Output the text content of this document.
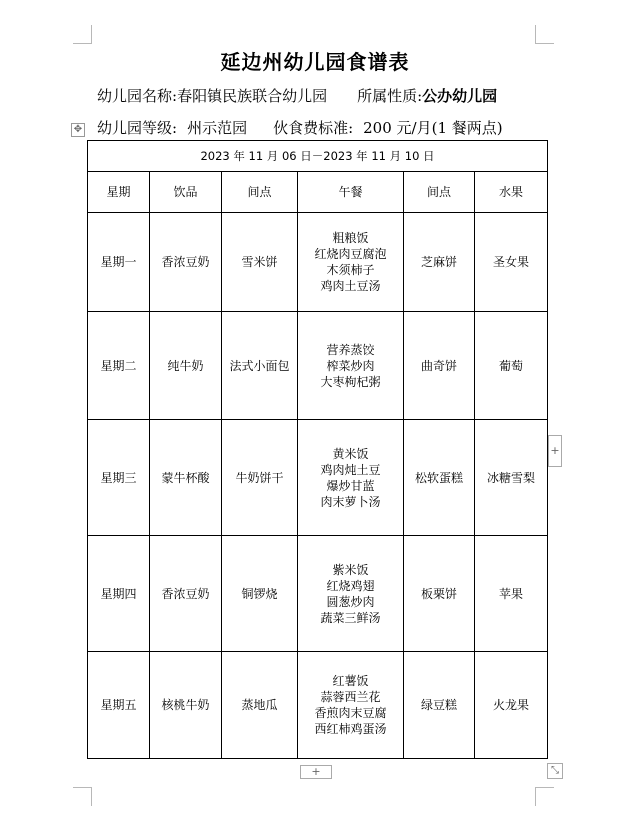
延边州幼儿园食谱表
幼儿园名称:春阳镇民族联合幼儿园 所属性质:公办幼儿园
幼儿园等级: 州示范园 伙食费标准: 200 元/月(1 餐两点)
✥
2023 年 11 月 06 日－2023 年 11 月 10 日					
星期	饮品	间点	午餐	间点	水果
星期一	香浓豆奶	雪米饼	粗粮饭
红烧肉豆腐泡
木须柿子
鸡肉土豆汤	芝麻饼	圣女果
星期二	纯牛奶	法式小面包	营养蒸饺
榨菜炒肉
大枣枸杞粥	曲奇饼	葡萄
星期三	蒙牛杯酸	牛奶饼干	黄米饭
鸡肉炖土豆
爆炒甘蓝
肉末萝卜汤	松软蛋糕	冰糖雪梨
星期四	香浓豆奶	铜锣烧	紫米饭
红烧鸡翅
圆葱炒肉
蔬菜三鲜汤	板栗饼	苹果
星期五	核桃牛奶	蒸地瓜	红薯饭
蒜蓉西兰花
香煎肉末豆腐
西红柿鸡蛋汤	绿豆糕	火龙果
+
+	⤡
